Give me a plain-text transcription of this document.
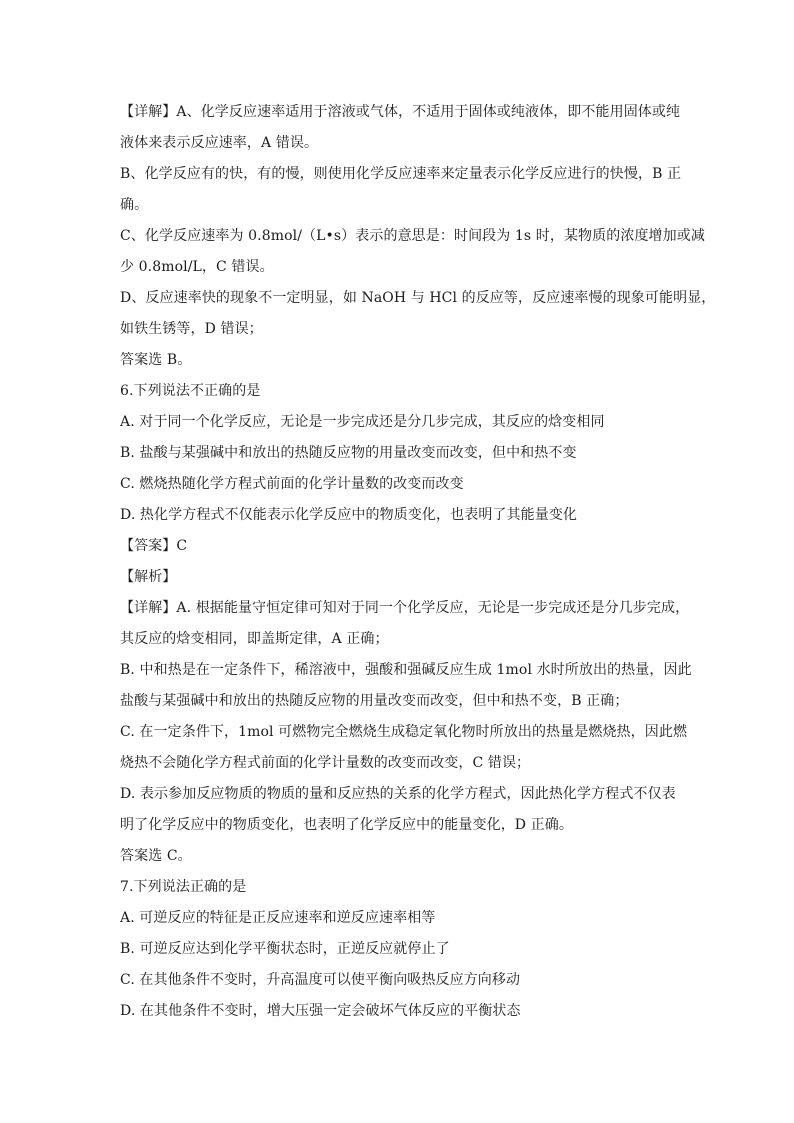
【详解】A、化学反应速率适用于溶液或气体，不适用于固体或纯液体，即不能用固体或纯
液体来表示反应速率，A 错误。
B、化学反应有的快，有的慢，则使用化学反应速率来定量表示化学反应进行的快慢，B 正
确。
C、化学反应速率为 0.8mol/（L•s）表示的意思是：时间段为 1s 时，某物质的浓度增加或减
少 0.8mol/L，C 错误。
D、反应速率快的现象不一定明显，如 NaOH 与 HCl 的反应等，反应速率慢的现象可能明显，
如铁生锈等，D 错误；
答案选 B。
6.下列说法不正确的是
A. 对于同一个化学反应，无论是一步完成还是分几步完成，其反应的焓变相同
B. 盐酸与某强碱中和放出的热随反应物的用量改变而改变，但中和热不变
C. 燃烧热随化学方程式前面的化学计量数的改变而改变
D. 热化学方程式不仅能表示化学反应中的物质变化，也表明了其能量变化
【答案】C
【解析】
【详解】A. 根据能量守恒定律可知对于同一个化学反应，无论是一步完成还是分几步完成，
其反应的焓变相同，即盖斯定律，A 正确；
B. 中和热是在一定条件下，稀溶液中，强酸和强碱反应生成 1mol 水时所放出的热量，因此
盐酸与某强碱中和放出的热随反应物的用量改变而改变，但中和热不变，B 正确；
C. 在一定条件下，1mol 可燃物完全燃烧生成稳定氧化物时所放出的热量是燃烧热，因此燃
烧热不会随化学方程式前面的化学计量数的改变而改变，C 错误；
D. 表示参加反应物质的物质的量和反应热的关系的化学方程式，因此热化学方程式不仅表
明了化学反应中的物质变化，也表明了化学反应中的能量变化，D 正确。
答案选 C。
7.下列说法正确的是
A. 可逆反应的特征是正反应速率和逆反应速率相等
B. 可逆反应达到化学平衡状态时，正逆反应就停止了
C. 在其他条件不变时，升高温度可以使平衡向吸热反应方向移动
D. 在其他条件不变时，增大压强一定会破坏气体反应的平衡状态
